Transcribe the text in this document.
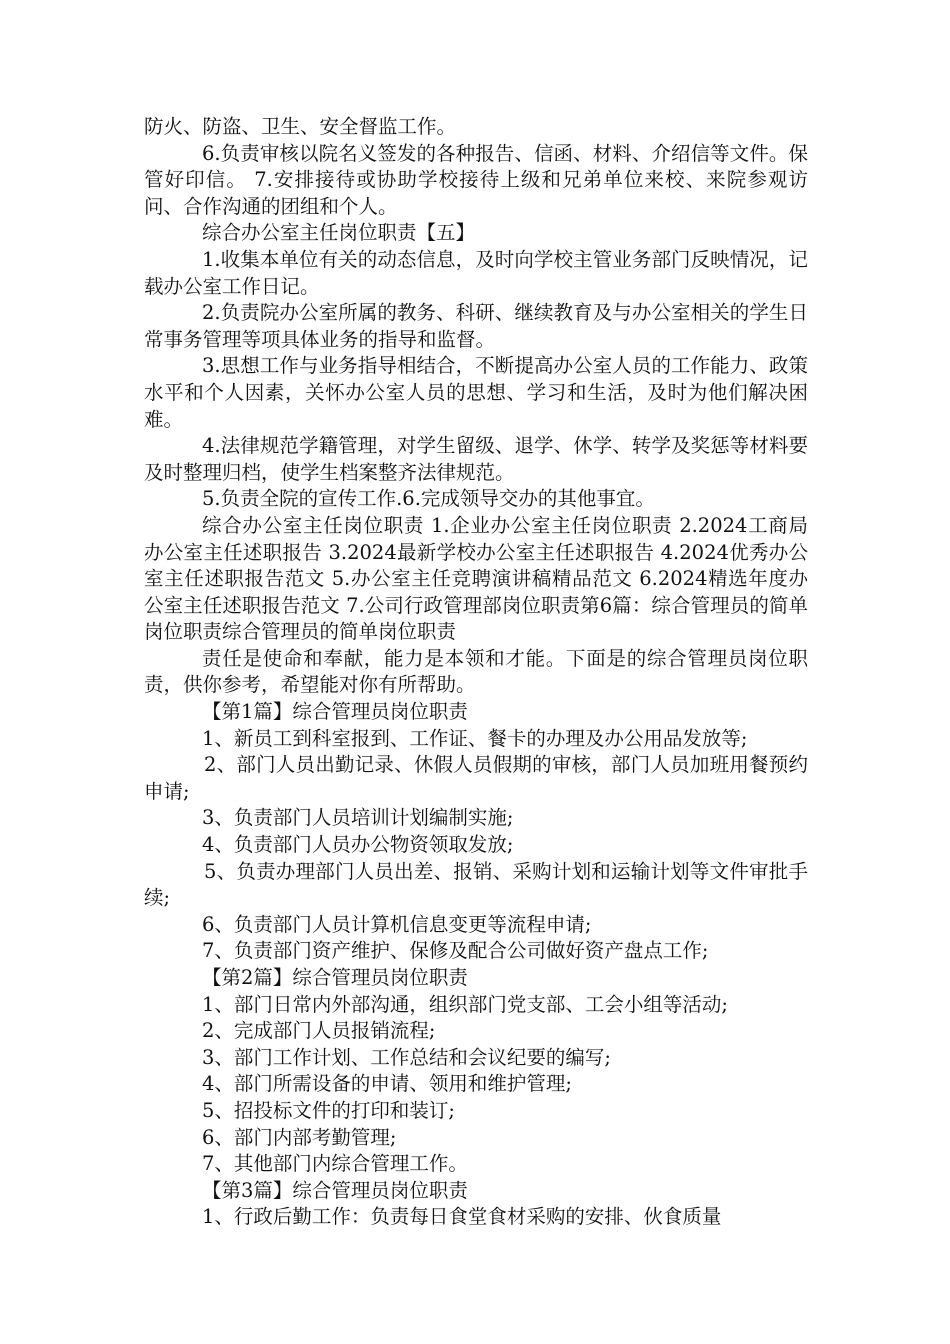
防火、防盗、卫生、安全督监工作。

6.负责审核以院名义签发的各种报告、信函、材料、介绍信等文件。保管好印信。 7.安排接待或协助学校接待上级和兄弟单位来校、来院参观访问、合作沟通的团组和个人。

综合办公室主任岗位职责【五】

1.收集本单位有关的动态信息，及时向学校主管业务部门反映情况，记载办公室工作日记。

2.负责院办公室所属的教务、科研、继续教育及与办公室相关的学生日常事务管理等项具体业务的指导和监督。

3.思想工作与业务指导相结合，不断提高办公室人员的工作能力、政策水平和个人因素，关怀办公室人员的思想、学习和生活，及时为他们解决困难。

4.法律规范学籍管理，对学生留级、退学、休学、转学及奖惩等材料要及时整理归档，使学生档案整齐法律规范。

5.负责全院的宣传工作.6.完成领导交办的其他事宜。

综合办公室主任岗位职责 1.企业办公室主任岗位职责 2.2024工商局办公室主任述职报告 3.2024最新学校办公室主任述职报告 4.2024优秀办公室主任述职报告范文 5.办公室主任竞聘演讲稿精品范文 6.2024精选年度办公室主任述职报告范文 7.公司行政管理部岗位职责第6篇：综合管理员的简单岗位职责综合管理员的简单岗位职责

责任是使命和奉献，能力是本领和才能。下面是的综合管理员岗位职责，供你参考，希望能对你有所帮助。

【第1篇】综合管理员岗位职责

1、新员工到科室报到、工作证、餐卡的办理及办公用品发放等;

2、部门人员出勤记录、休假人员假期的审核，部门人员加班用餐预约申请;

3、负责部门人员培训计划编制实施;

4、负责部门人员办公物资领取发放;

5、负责办理部门人员出差、报销、采购计划和运输计划等文件审批手续;

6、负责部门人员计算机信息变更等流程申请;

7、负责部门资产维护、保修及配合公司做好资产盘点工作;

【第2篇】综合管理员岗位职责

1、部门日常内外部沟通，组织部门党支部、工会小组等活动;

2、完成部门人员报销流程;

3、部门工作计划、工作总结和会议纪要的编写;

4、部门所需设备的申请、领用和维护管理;

5、招投标文件的打印和装订;

6、部门内部考勤管理;

7、其他部门内综合管理工作。

【第3篇】综合管理员岗位职责

1、行政后勤工作：负责每日食堂食材采购的安排、伙食质量
